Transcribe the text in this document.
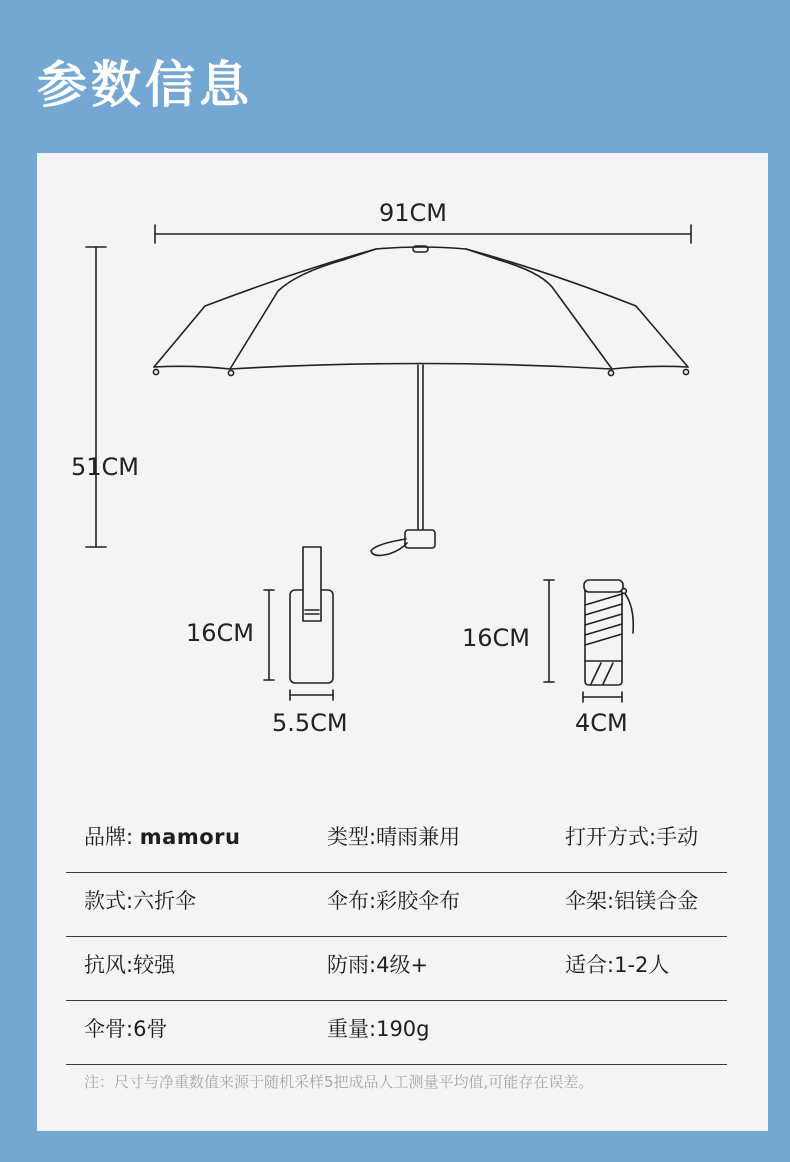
参数信息
91CM
51CM
16CM
5.5CM
16CM
4CM
品牌: mamoru	类型:晴雨兼用	打开方式:手动
款式:六折伞	伞布:彩胶伞布	伞架:铝镁合金
抗风:较强	防雨:4级+	适合:1-2人
伞骨:6骨	重量:190g
注：尺寸与净重数值来源于随机采样5把成品人工测量平均值,可能存在误差。
